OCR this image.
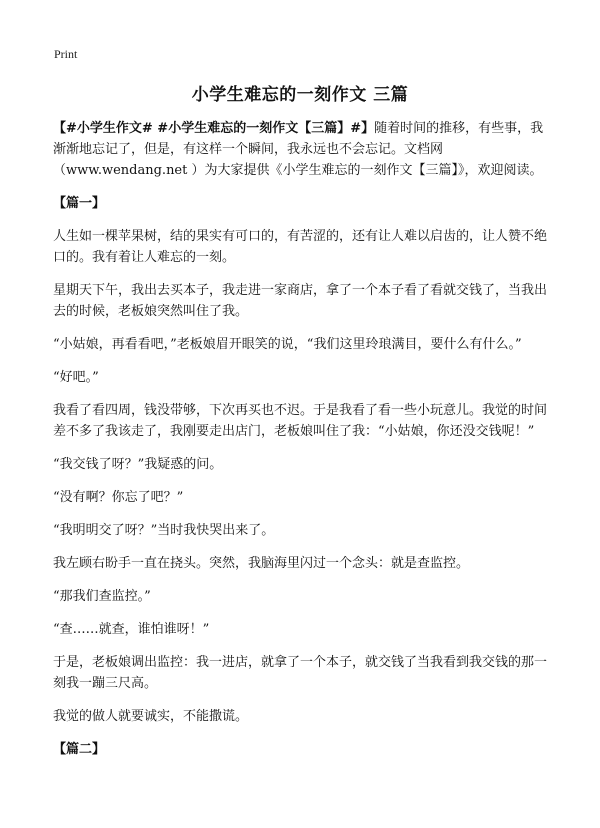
Print
小学生难忘的一刻作文 三篇

【#小学生作文# #小学生难忘的一刻作文【三篇】#】随着时间的推移，有些事，我渐渐地忘记了，但是，有这样一个瞬间，我永远也不会忘记。文档网（www.wendang.net ）为大家提供《小学生难忘的一刻作文【三篇】》，欢迎阅读。

【篇一】

人生如一棵苹果树，结的果实有可口的，有苦涩的，还有让人难以启齿的，让人赞不绝口的。我有着让人难忘的一刻。

星期天下午，我出去买本子，我走进一家商店，拿了一个本子看了看就交钱了，当我出去的时候，老板娘突然叫住了我。

“小姑娘，再看看吧，”老板娘眉开眼笑的说，“我们这里玲琅满目，要什么有什么。”

“好吧。”

我看了看四周，钱没带够，下次再买也不迟。于是我看了看一些小玩意儿。我觉的时间差不多了我该走了，我刚要走出店门，老板娘叫住了我：“小姑娘，你还没交钱呢！”

“我交钱了呀？”我疑惑的问。

“没有啊？你忘了吧？”

“我明明交了呀？”当时我快哭出来了。

我左顾右盼手一直在挠头。突然，我脑海里闪过一个念头：就是查监控。

“那我们查监控。”

“查……就查，谁怕谁呀！”

于是，老板娘调出监控：我一进店，就拿了一个本子，就交钱了当我看到我交钱的那一刻我一蹦三尺高。

我觉的做人就要诚实，不能撒谎。

【篇二】
